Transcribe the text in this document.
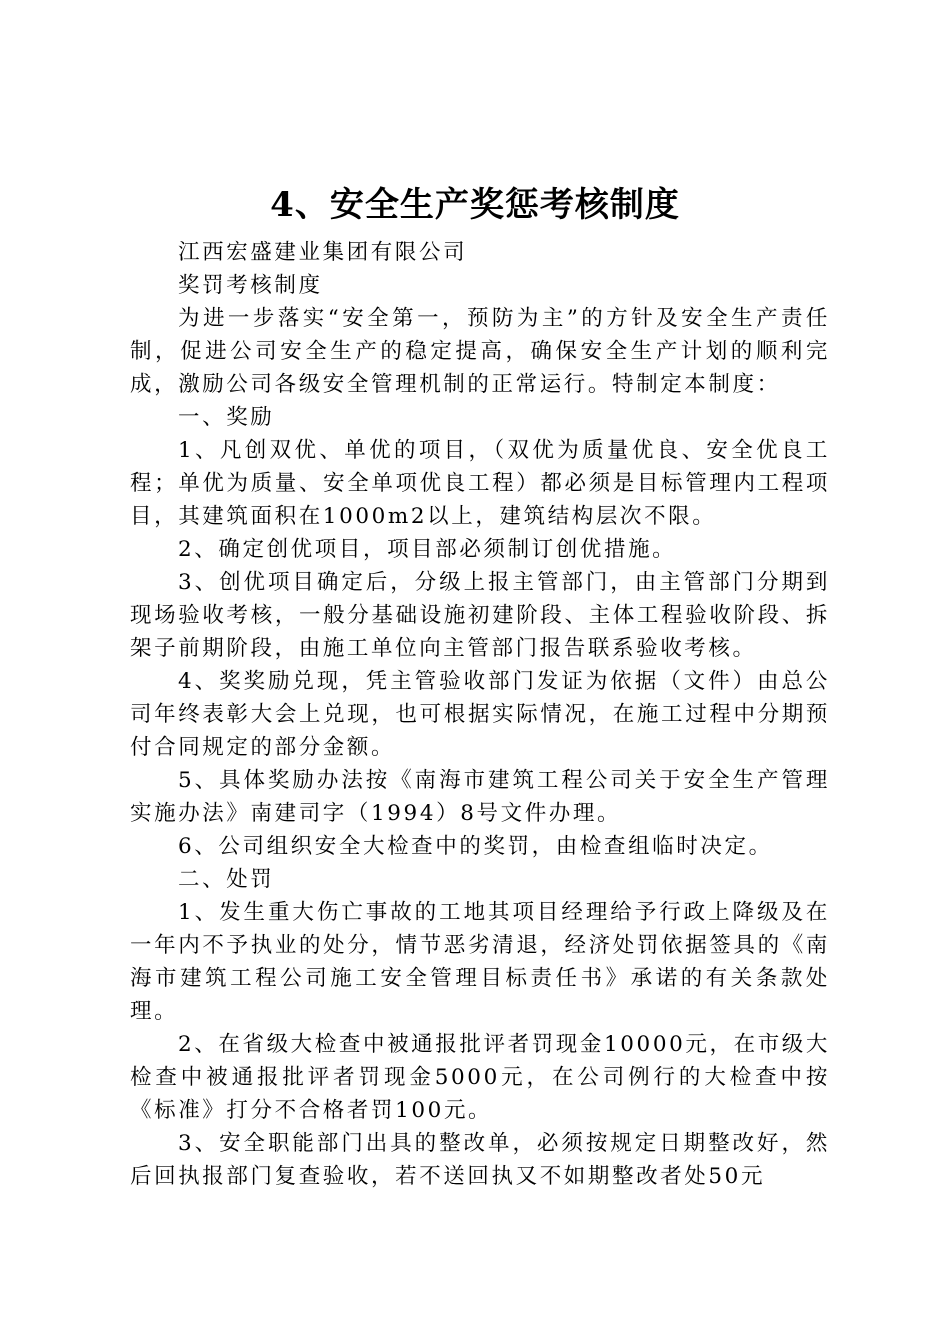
4、安全生产奖惩考核制度

江西宏盛建业集团有限公司

奖罚考核制度

为进一步落实“安全第一，预防为主”的方针及安全生产责任制，促进公司安全生产的稳定提高，确保安全生产计划的顺利完成，激励公司各级安全管理机制的正常运行。特制定本制度：

一、奖励

1、凡创双优、单优的项目，（双优为质量优良、安全优良工程；单优为质量、安全单项优良工程）都必须是目标管理内工程项目，其建筑面积在1000m2以上，建筑结构层次不限。

2、确定创优项目，项目部必须制订创优措施。

3、创优项目确定后，分级上报主管部门，由主管部门分期到现场验收考核，一般分基础设施初建阶段、主体工程验收阶段、拆架子前期阶段，由施工单位向主管部门报告联系验收考核。

4、奖奖励兑现，凭主管验收部门发证为依据（文件）由总公司年终表彰大会上兑现，也可根据实际情况，在施工过程中分期预付合同规定的部分金额。

5、具体奖励办法按《南海市建筑工程公司关于安全生产管理实施办法》南建司字（1994）8号文件办理。

6、公司组织安全大检查中的奖罚，由检查组临时决定。

二、处罚

1、发生重大伤亡事故的工地其项目经理给予行政上降级及在一年内不予执业的处分，情节恶劣清退，经济处罚依据签具的《南海市建筑工程公司施工安全管理目标责任书》承诺的有关条款处理。

2、在省级大检查中被通报批评者罚现金10000元，在市级大检查中被通报批评者罚现金5000元，在公司例行的大检查中按《标准》打分不合格者罚100元。

3、安全职能部门出具的整改单，必须按规定日期整改好，然后回执报部门复查验收，若不送回执又不如期整改者处50元
